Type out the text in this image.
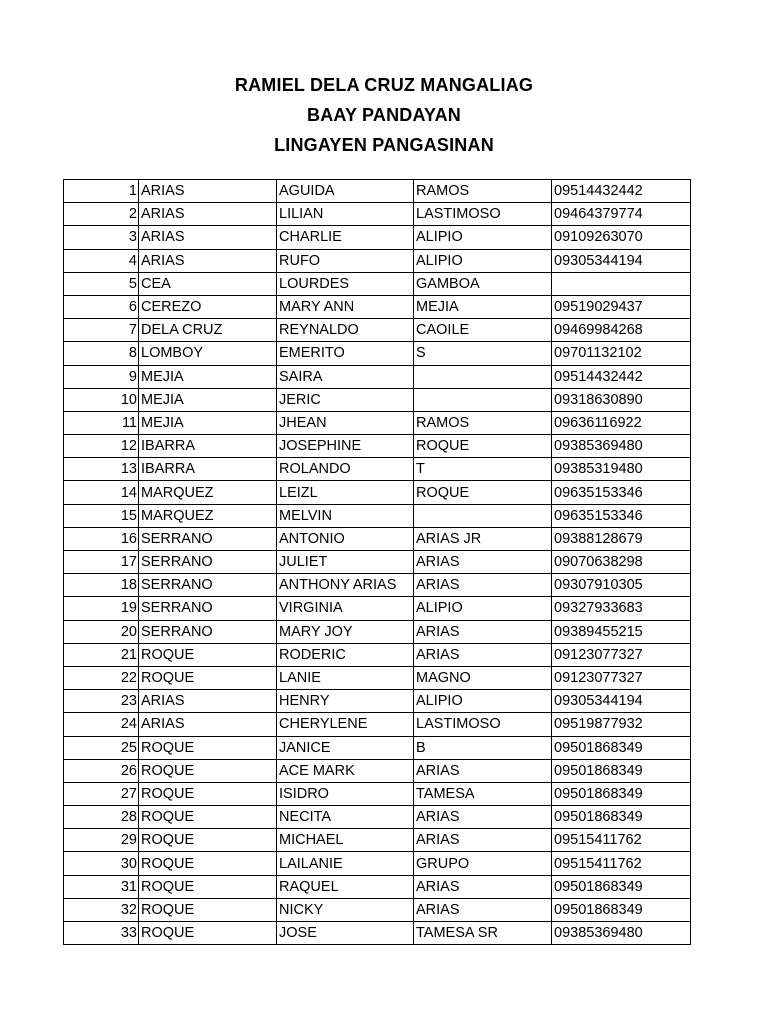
RAMIEL DELA CRUZ MANGALIAG
BAAY PANDAYAN
LINGAYEN PANGASINAN
1	ARIAS	AGUIDA	RAMOS	09514432442
2	ARIAS	LILIAN	LASTIMOSO	09464379774
3	ARIAS	CHARLIE	ALIPIO	09109263070
4	ARIAS	RUFO	ALIPIO	09305344194
5	CEA	LOURDES	GAMBOA	
6	CEREZO	MARY ANN	MEJIA	09519029437
7	DELA CRUZ	REYNALDO	CAOILE	09469984268
8	LOMBOY	EMERITO	S	09701132102
9	MEJIA	SAIRA		09514432442
10	MEJIA	JERIC		09318630890
11	MEJIA	JHEAN	RAMOS	09636116922
12	IBARRA	JOSEPHINE	ROQUE	09385369480
13	IBARRA	ROLANDO	T	09385319480
14	MARQUEZ	LEIZL	ROQUE	09635153346
15	MARQUEZ	MELVIN		09635153346
16	SERRANO	ANTONIO	ARIAS JR	09388128679
17	SERRANO	JULIET	ARIAS	09070638298
18	SERRANO	ANTHONY ARIAS	ARIAS	09307910305
19	SERRANO	VIRGINIA	ALIPIO	09327933683
20	SERRANO	MARY JOY	ARIAS	09389455215
21	ROQUE	RODERIC	ARIAS	09123077327
22	ROQUE	LANIE	MAGNO	09123077327
23	ARIAS	HENRY	ALIPIO	09305344194
24	ARIAS	CHERYLENE	LASTIMOSO	09519877932
25	ROQUE	JANICE	B	09501868349
26	ROQUE	ACE MARK	ARIAS	09501868349
27	ROQUE	ISIDRO	TAMESA	09501868349
28	ROQUE	NECITA	ARIAS	09501868349
29	ROQUE	MICHAEL	ARIAS	09515411762
30	ROQUE	LAILANIE	GRUPO	09515411762
31	ROQUE	RAQUEL	ARIAS	09501868349
32	ROQUE	NICKY	ARIAS	09501868349
33	ROQUE	JOSE	TAMESA SR	09385369480
